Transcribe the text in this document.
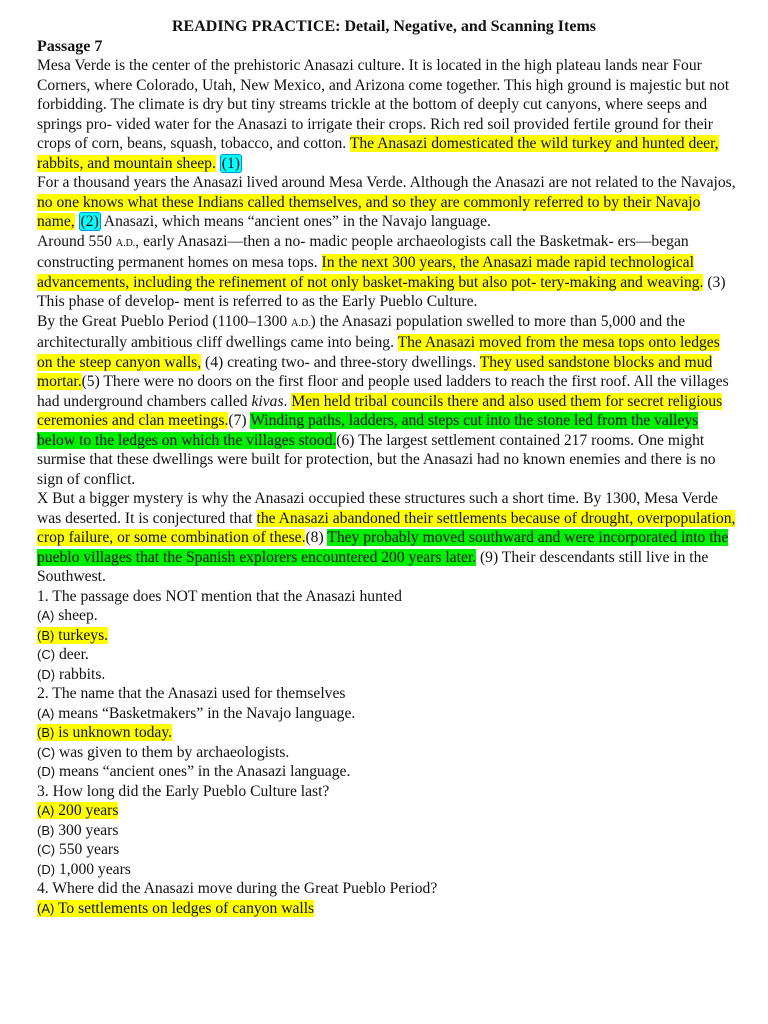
READING PRACTICE: Detail, Negative, and Scanning Items
Passage 7

Mesa Verde is the center of the prehistoric Anasazi culture. It is located in the high plateau lands near Four Corners, where Colorado, Utah, New Mexico, and Arizona come together. This high ground is majestic but not forbidding. The climate is dry but tiny streams trickle at the bottom of deeply cut canyons, where seeps and springs pro- vided water for the Anasazi to irrigate their crops. Rich red soil provided fertile ground for their crops of corn, beans, squash, tobacco, and cotton. The Anasazi domesticated the wild turkey and hunted deer, rabbits, and mountain sheep. (1)

For a thousand years the Anasazi lived around Mesa Verde. Although the Anasazi are not related to the Navajos, no one knows what these Indians called themselves, and so they are commonly referred to by their Navajo name, (2) Anasazi, which means “ancient ones” in the Navajo language.

Around 550 A.D., early Anasazi—then a no- madic people archaeologists call the Basketmak- ers—began constructing permanent homes on mesa tops. In the next 300 years, the Anasazi made rapid technological advancements, including the refinement of not only basket-making but also pot- tery-making and weaving. (3) This phase of develop- ment is referred to as the Early Pueblo Culture.

By the Great Pueblo Period (1100–1300 A.D.) the Anasazi population swelled to more than 5,000 and the architecturally ambitious cliff dwellings came into being. The Anasazi moved from the mesa tops onto ledges on the steep canyon walls, (4) creating two- and three-story dwellings. They used sandstone blocks and mud mortar.(5) There were no doors on the first floor and people used ladders to reach the first roof. All the villages had underground chambers called kivas. Men held tribal councils there and also used them for secret religious ceremonies and clan meetings.(7) Winding paths, ladders, and steps cut into the stone led from the valleys below to the ledges on which the villages stood.(6) The largest settlement contained 217 rooms. One might surmise that these dwellings were built for protection, but the Anasazi had no known enemies and there is no sign of conflict.

X But a bigger mystery is why the Anasazi occupied these structures such a short time. By 1300, Mesa Verde was deserted. It is conjectured that the Anasazi abandoned their settlements because of drought, overpopulation, crop failure, or some combination of these.(8) They probably moved southward and were incorporated into the pueblo villages that the Spanish explorers encountered 200 years later. (9) Their descendants still live in the Southwest.

1. The passage does NOT mention that the Anasazi hunted

(A) sheep.

(B) turkeys.

(C) deer.

(D) rabbits.

2. The name that the Anasazi used for themselves

(A) means “Basketmakers” in the Navajo language.

(B) is unknown today.

(C) was given to them by archaeologists.

(D) means “ancient ones” in the Anasazi language.

3. How long did the Early Pueblo Culture last?

(A) 200 years

(B) 300 years

(C) 550 years

(D) 1,000 years

4. Where did the Anasazi move during the Great Pueblo Period?

(A) To settlements on ledges of canyon walls
